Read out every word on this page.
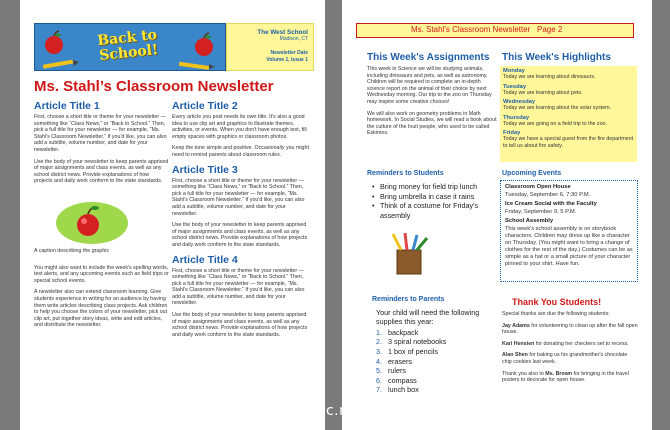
Back to School!
The West School
Madison, CT
Newsletter Date
Volume 1, Issue 1
Ms. Stahl’s Classroom Newsletter
Article Title 1

First, choose a short title or theme for your newsletter — something like “Class News,” or “Back to School.” Then, pick a full title for your newsletter — for example, “Ms. Stahl’s Classroom Newsletter.” If you'd like, you can also add a subtitle, volume number, and date for your newsletter.

Use the body of your newsletter to keep parents apprised of major assignments and class events, as well as any school district news. Provide explanations of how projects and daily work conform to the state standards.

A caption describing the graphic

You might also want to include the week's spelling words, test alerts, and any upcoming events such as field trips or special school events.

A newsletter also can extend classroom learning. Give students experience in writing for an audience by having them write articles describing class projects. Ask children to help you choose the colors of your newsletter, pick out clip art, put together story ideas, write and edit articles, and distribute the newsletter.

Article Title 2

Every article you post needs its own title. It's also a good idea to use clip art and graphics to illustrate themes, activities, or events. When you don't have enough text, fill empty spaces with graphics or classroom photos.

Keep the tone simple and positive. Occasionally you might need to remind parents about classroom rules.

Article Title 3

First, choose a short title or theme for your newsletter — something like “Class News,” or “Back to School.” Then, pick a full title for your newsletter — for example, “Ms. Stahl's Classroom Newsletter.” If you'd like, you can also add a subtitle, volume number, and date for your newsletter.

Use the body of your newsletter to keep parents apprised of major assignments and class events, as well as any school district news. Provide explanations of how projects and daily work conform to the state standards.

Article Title 4

First, choose a short title or theme for your newsletter — something like “Class News,” or “Back to School.” Then, pick a full title for your newsletter — for example, “Ms. Stahl's Classroom Newsletter.” If you'd like, you can also add a subtitle, volume number, and date for your newsletter.

Use the body of your newsletter to keep parents apprised of major assignments and class events, as well as any school district news. Provide explanations of how projects and daily work conform to the state standards.

Ms. Stahl's Classroom Newsletter   Page 2
This Week's Assignments

This week in Science we will be studying animals, including dinosaurs and pets, as well as astronomy. Children will be required to complete an in-depth science report on the animal of their choice by next Wednesday morning. Our trip to the zoo on Thursday may inspire some creative choices!

We will also work on geometry problems in Math homework. In Social Studies, we will read a book about the culture of the Inuit people, who used to be called Eskimos.

This Week's Highlights
Monday
Today we are learning about dinosaurs.
Tuesday
Today we are learning about pets.
Wednesday
Today we are learning about the solar system.
Thursday
Today we are going on a field trip to the zoo.
Friday
Today we have a special guest from the fire department to tell us about fire safety.
Reminders to Students
• Bring money for field trip lunch
• Bring umbrella in case it rains
• Think of a costume for Friday's assembly
Reminders to Parents
Your child will need the following supplies this year:
1. backpack
2. 3 spiral notebooks
3. 1 box of pencils
4. erasers
5. rulers
6. compass
7. lunch box
Upcoming Events
Classroom Open House
Tuesday, September 6, 7:30 P.M.
Ice Cream Social with the Faculty
Friday, September 9, 5 P.M.
School Assembly
This week's school assembly is on storybook characters. Children may dress up like a character on Thursday. (You might want to bring a change of clothes for the rest of the day.) Costumes can be as simple as a hat or a small picture of your character pinned to your shirt. Have fun.
Thank You Students!

Special thanks are due the following students:

Jay Adams for volunteering to clean up after the fall open house.

Kari Hensien for donating her checkers set to recess.

Alan Shen for baking us his grandmother's chocolate chip cookies last week.

Thank you also to Ms. Brown for bringing in the travel posters to decorate for open house.

双电网(www.pcpc.me)
